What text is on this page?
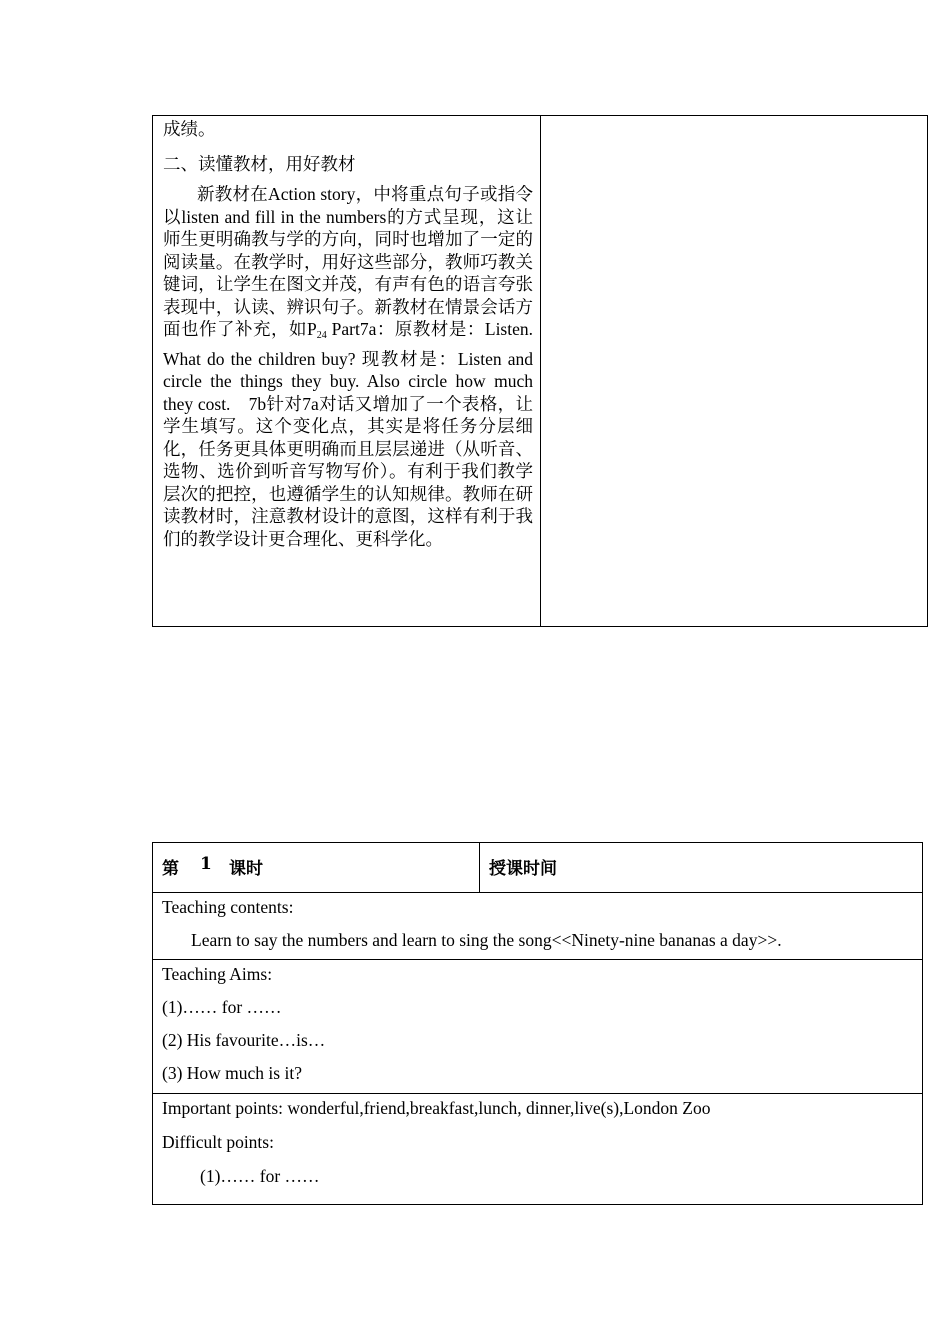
成绩。

二、读懂教材，用好教材

新教材在Action story，中将重点句子或指令以listen and fill in the numbers的方式呈现，这让师生更明确教与学的方向，同时也增加了一定的阅读量。在教学时，用好这些部分，教师巧教关键词，让学生在图文并茂，有声有色的语言夸张表现中，认读、辨识句子。新教材在情景会话方面也作了补充，如$P_{24}$ Part7a：原教材是：Listen. What do the children buy? 现教材是：Listen and circle the things they buy. Also circle how much they cost.　7b针对7a对话又增加了一个表格，让学生填写。这个变化点，其实是将任务分层细化，任务更具体更明确而且层层递进（从听音、选物、选价到听音写物写价）。有利于我们教学层次的把控，也遵循学生的认知规律。教师在研读教材时，注意教材设计的意图，这样有利于我们的教学设计更合理化、更科学化。

第 1 课时	授课时间
Teaching contents:
Learn to say the numbers and learn to sing the song<<Ninety-nine bananas a day>>.
Teaching Aims:
(1)…… for ……
(2) His favourite…is…
(3) How much is it?
Important points: wonderful,friend,breakfast,lunch, dinner,live(s),London Zoo
Difficult points:
(1)…… for ……
